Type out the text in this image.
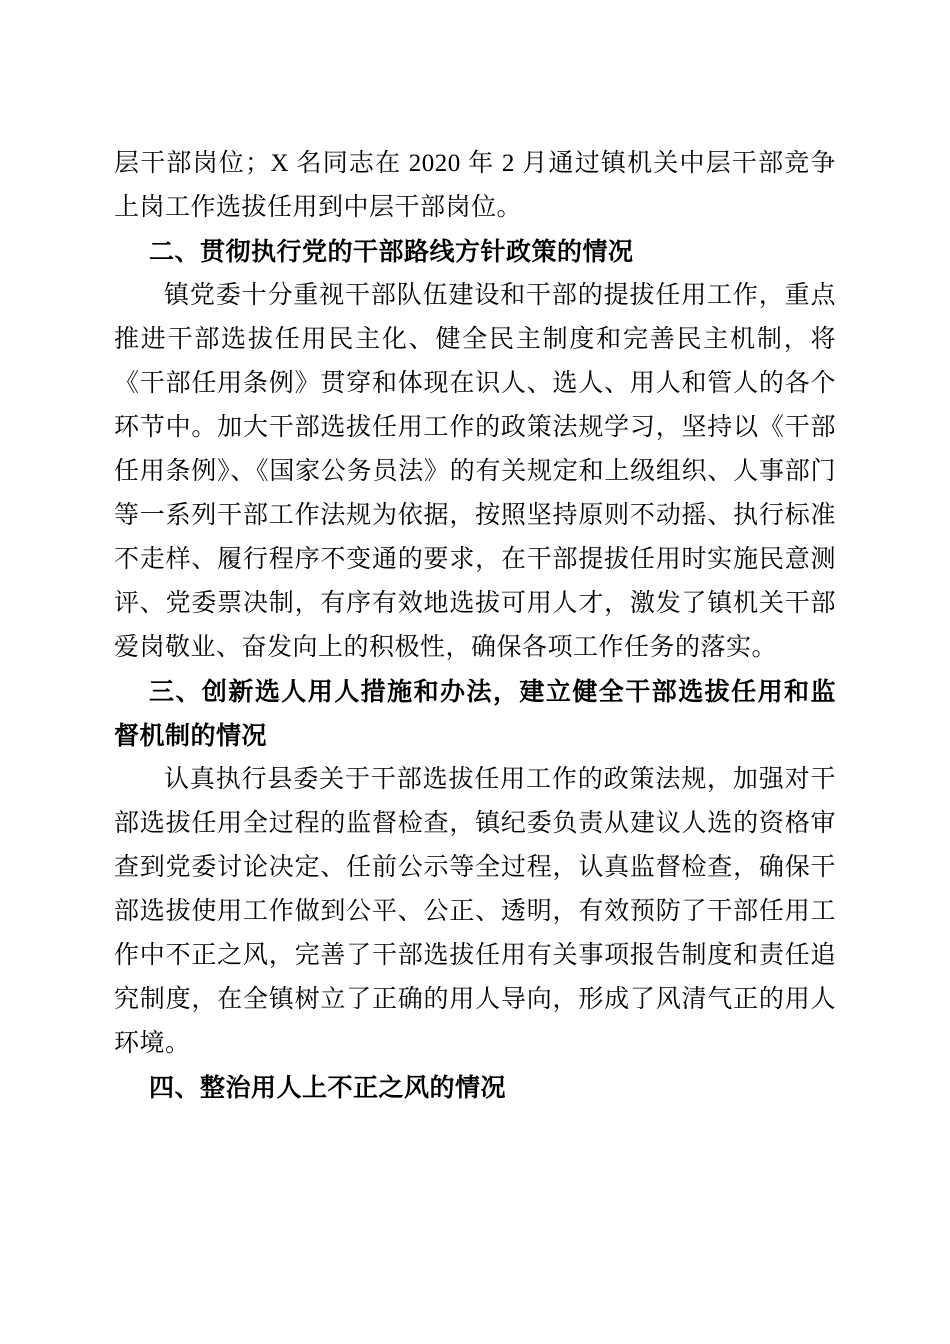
层干部岗位；X 名同志在 2020 年 2 月通过镇机关中层干部竞争上岗工作选拔任用到中层干部岗位。

二、贯彻执行党的干部路线方针政策的情况

镇党委十分重视干部队伍建设和干部的提拔任用工作，重点推进干部选拔任用民主化、健全民主制度和完善民主机制，将《干部任用条例》贯穿和体现在识人、选人、用人和管人的各个环节中。加大干部选拔任用工作的政策法规学习，坚持以《干部任用条例》、《国家公务员法》的有关规定和上级组织、人事部门等一系列干部工作法规为依据，按照坚持原则不动摇、执行标准不走样、履行程序不变通的要求，在干部提拔任用时实施民意测评、党委票决制，有序有效地选拔可用人才，激发了镇机关干部爱岗敬业、奋发向上的积极性，确保各项工作任务的落实。

三、创新选人用人措施和办法，建立健全干部选拔任用和监督机制的情况

认真执行县委关于干部选拔任用工作的政策法规，加强对干部选拔任用全过程的监督检查，镇纪委负责从建议人选的资格审查到党委讨论决定、任前公示等全过程，认真监督检查，确保干部选拔使用工作做到公平、公正、透明，有效预防了干部任用工作中不正之风，完善了干部选拔任用有关事项报告制度和责任追究制度，在全镇树立了正确的用人导向，形成了风清气正的用人环境。

四、整治用人上不正之风的情况
